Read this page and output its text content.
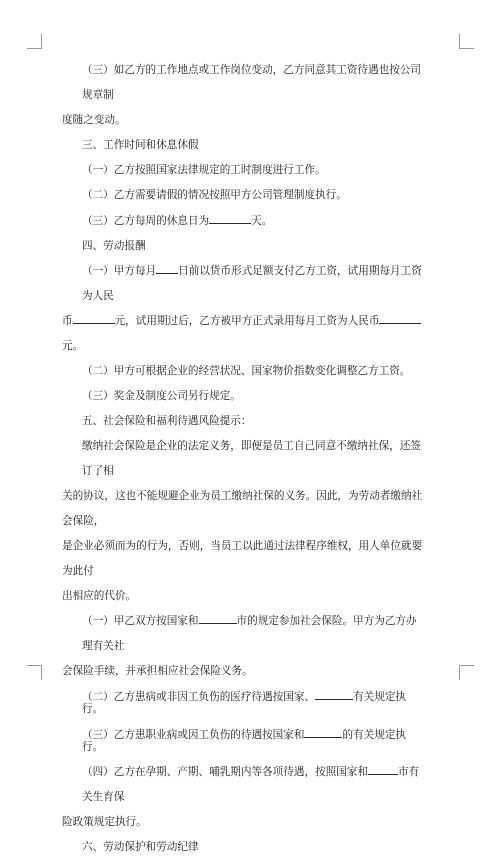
（三）如乙方的工作地点或工作岗位变动，乙方同意其工资待遇也按公司规章制
度随之变动。

三、工作时间和休息休假

（一）乙方按照国家法律规定的工时制度进行工作。

（二）乙方需要请假的情况按照甲方公司管理制度执行。

（三）乙方每周的休息日为	天。

四、劳动报酬

（一）甲方每月 日前以货币形式足额支付乙方工资，试用期每月工资为人民
币	元，试用期过后，乙方被甲方正式录用每月工资为人民币元。

（二）甲方可根据企业的经营状况、国家物价指数变化调整乙方工资。

（三）奖金及制度公司另行规定。

五、社会保险和福利待遇风险提示：

缴纳社会保险是企业的法定义务，即便是员工自己同意不缴纳社保，还签订了相
关的协议，这也不能规避企业为员工缴纳社保的义务。因此，为劳动者缴纳社会保险，
是企业必须而为的行为，否则，当员工以此通过法律程序维权，用人单位就要为此付
出相应的代价。

（一）甲乙双方按国家和	市的规定参加社会保险。甲方为乙方办理有关社
会保险手续，并承担相应社会保险义务。

（二）乙方患病或非因工负伤的医疗待遇按国家、	有关规定执行。

（三）乙方患职业病或因工负伤的待遇按国家和	的有关规定执行。

（四）乙方在孕期、产期、哺乳期内等各项待遇，按照国家和	市有关生育保
险政策规定执行。

六、劳动保护和劳动纪律
